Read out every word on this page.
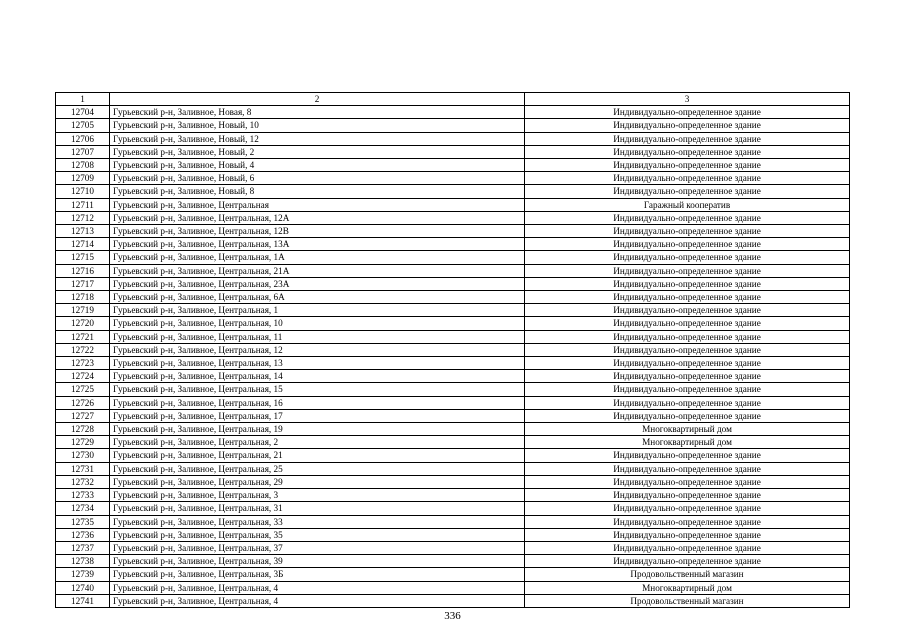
1	2	3
12704	Гурьевский р-н, Заливное, Новая, 8	Индивидуально-определенное здание
12705	Гурьевский р-н, Заливное, Новый, 10	Индивидуально-определенное здание
12706	Гурьевский р-н, Заливное, Новый, 12	Индивидуально-определенное здание
12707	Гурьевский р-н, Заливное, Новый, 2	Индивидуально-определенное здание
12708	Гурьевский р-н, Заливное, Новый, 4	Индивидуально-определенное здание
12709	Гурьевский р-н, Заливное, Новый, 6	Индивидуально-определенное здание
12710	Гурьевский р-н, Заливное, Новый, 8	Индивидуально-определенное здание
12711	Гурьевский р-н, Заливное, Центральная	Гаражный кооператив
12712	Гурьевский р-н, Заливное, Центральная, 12А	Индивидуально-определенное здание
12713	Гурьевский р-н, Заливное, Центральная, 12В	Индивидуально-определенное здание
12714	Гурьевский р-н, Заливное, Центральная, 13А	Индивидуально-определенное здание
12715	Гурьевский р-н, Заливное, Центральная, 1А	Индивидуально-определенное здание
12716	Гурьевский р-н, Заливное, Центральная, 21А	Индивидуально-определенное здание
12717	Гурьевский р-н, Заливное, Центральная, 23А	Индивидуально-определенное здание
12718	Гурьевский р-н, Заливное, Центральная, 6А	Индивидуально-определенное здание
12719	Гурьевский р-н, Заливное, Центральная, 1	Индивидуально-определенное здание
12720	Гурьевский р-н, Заливное, Центральная, 10	Индивидуально-определенное здание
12721	Гурьевский р-н, Заливное, Центральная, 11	Индивидуально-определенное здание
12722	Гурьевский р-н, Заливное, Центральная, 12	Индивидуально-определенное здание
12723	Гурьевский р-н, Заливное, Центральная, 13	Индивидуально-определенное здание
12724	Гурьевский р-н, Заливное, Центральная, 14	Индивидуально-определенное здание
12725	Гурьевский р-н, Заливное, Центральная, 15	Индивидуально-определенное здание
12726	Гурьевский р-н, Заливное, Центральная, 16	Индивидуально-определенное здание
12727	Гурьевский р-н, Заливное, Центральная, 17	Индивидуально-определенное здание
12728	Гурьевский р-н, Заливное, Центральная, 19	Многоквартирный дом
12729	Гурьевский р-н, Заливное, Центральная, 2	Многоквартирный дом
12730	Гурьевский р-н, Заливное, Центральная, 21	Индивидуально-определенное здание
12731	Гурьевский р-н, Заливное, Центральная, 25	Индивидуально-определенное здание
12732	Гурьевский р-н, Заливное, Центральная, 29	Индивидуально-определенное здание
12733	Гурьевский р-н, Заливное, Центральная, 3	Индивидуально-определенное здание
12734	Гурьевский р-н, Заливное, Центральная, 31	Индивидуально-определенное здание
12735	Гурьевский р-н, Заливное, Центральная, 33	Индивидуально-определенное здание
12736	Гурьевский р-н, Заливное, Центральная, 35	Индивидуально-определенное здание
12737	Гурьевский р-н, Заливное, Центральная, 37	Индивидуально-определенное здание
12738	Гурьевский р-н, Заливное, Центральная, 39	Индивидуально-определенное здание
12739	Гурьевский р-н, Заливное, Центральная, 3Б	Продовольственный магазин
12740	Гурьевский р-н, Заливное, Центральная, 4	Многоквартирный дом
12741	Гурьевский р-н, Заливное, Центральная, 4	Продовольственный магазин
336
